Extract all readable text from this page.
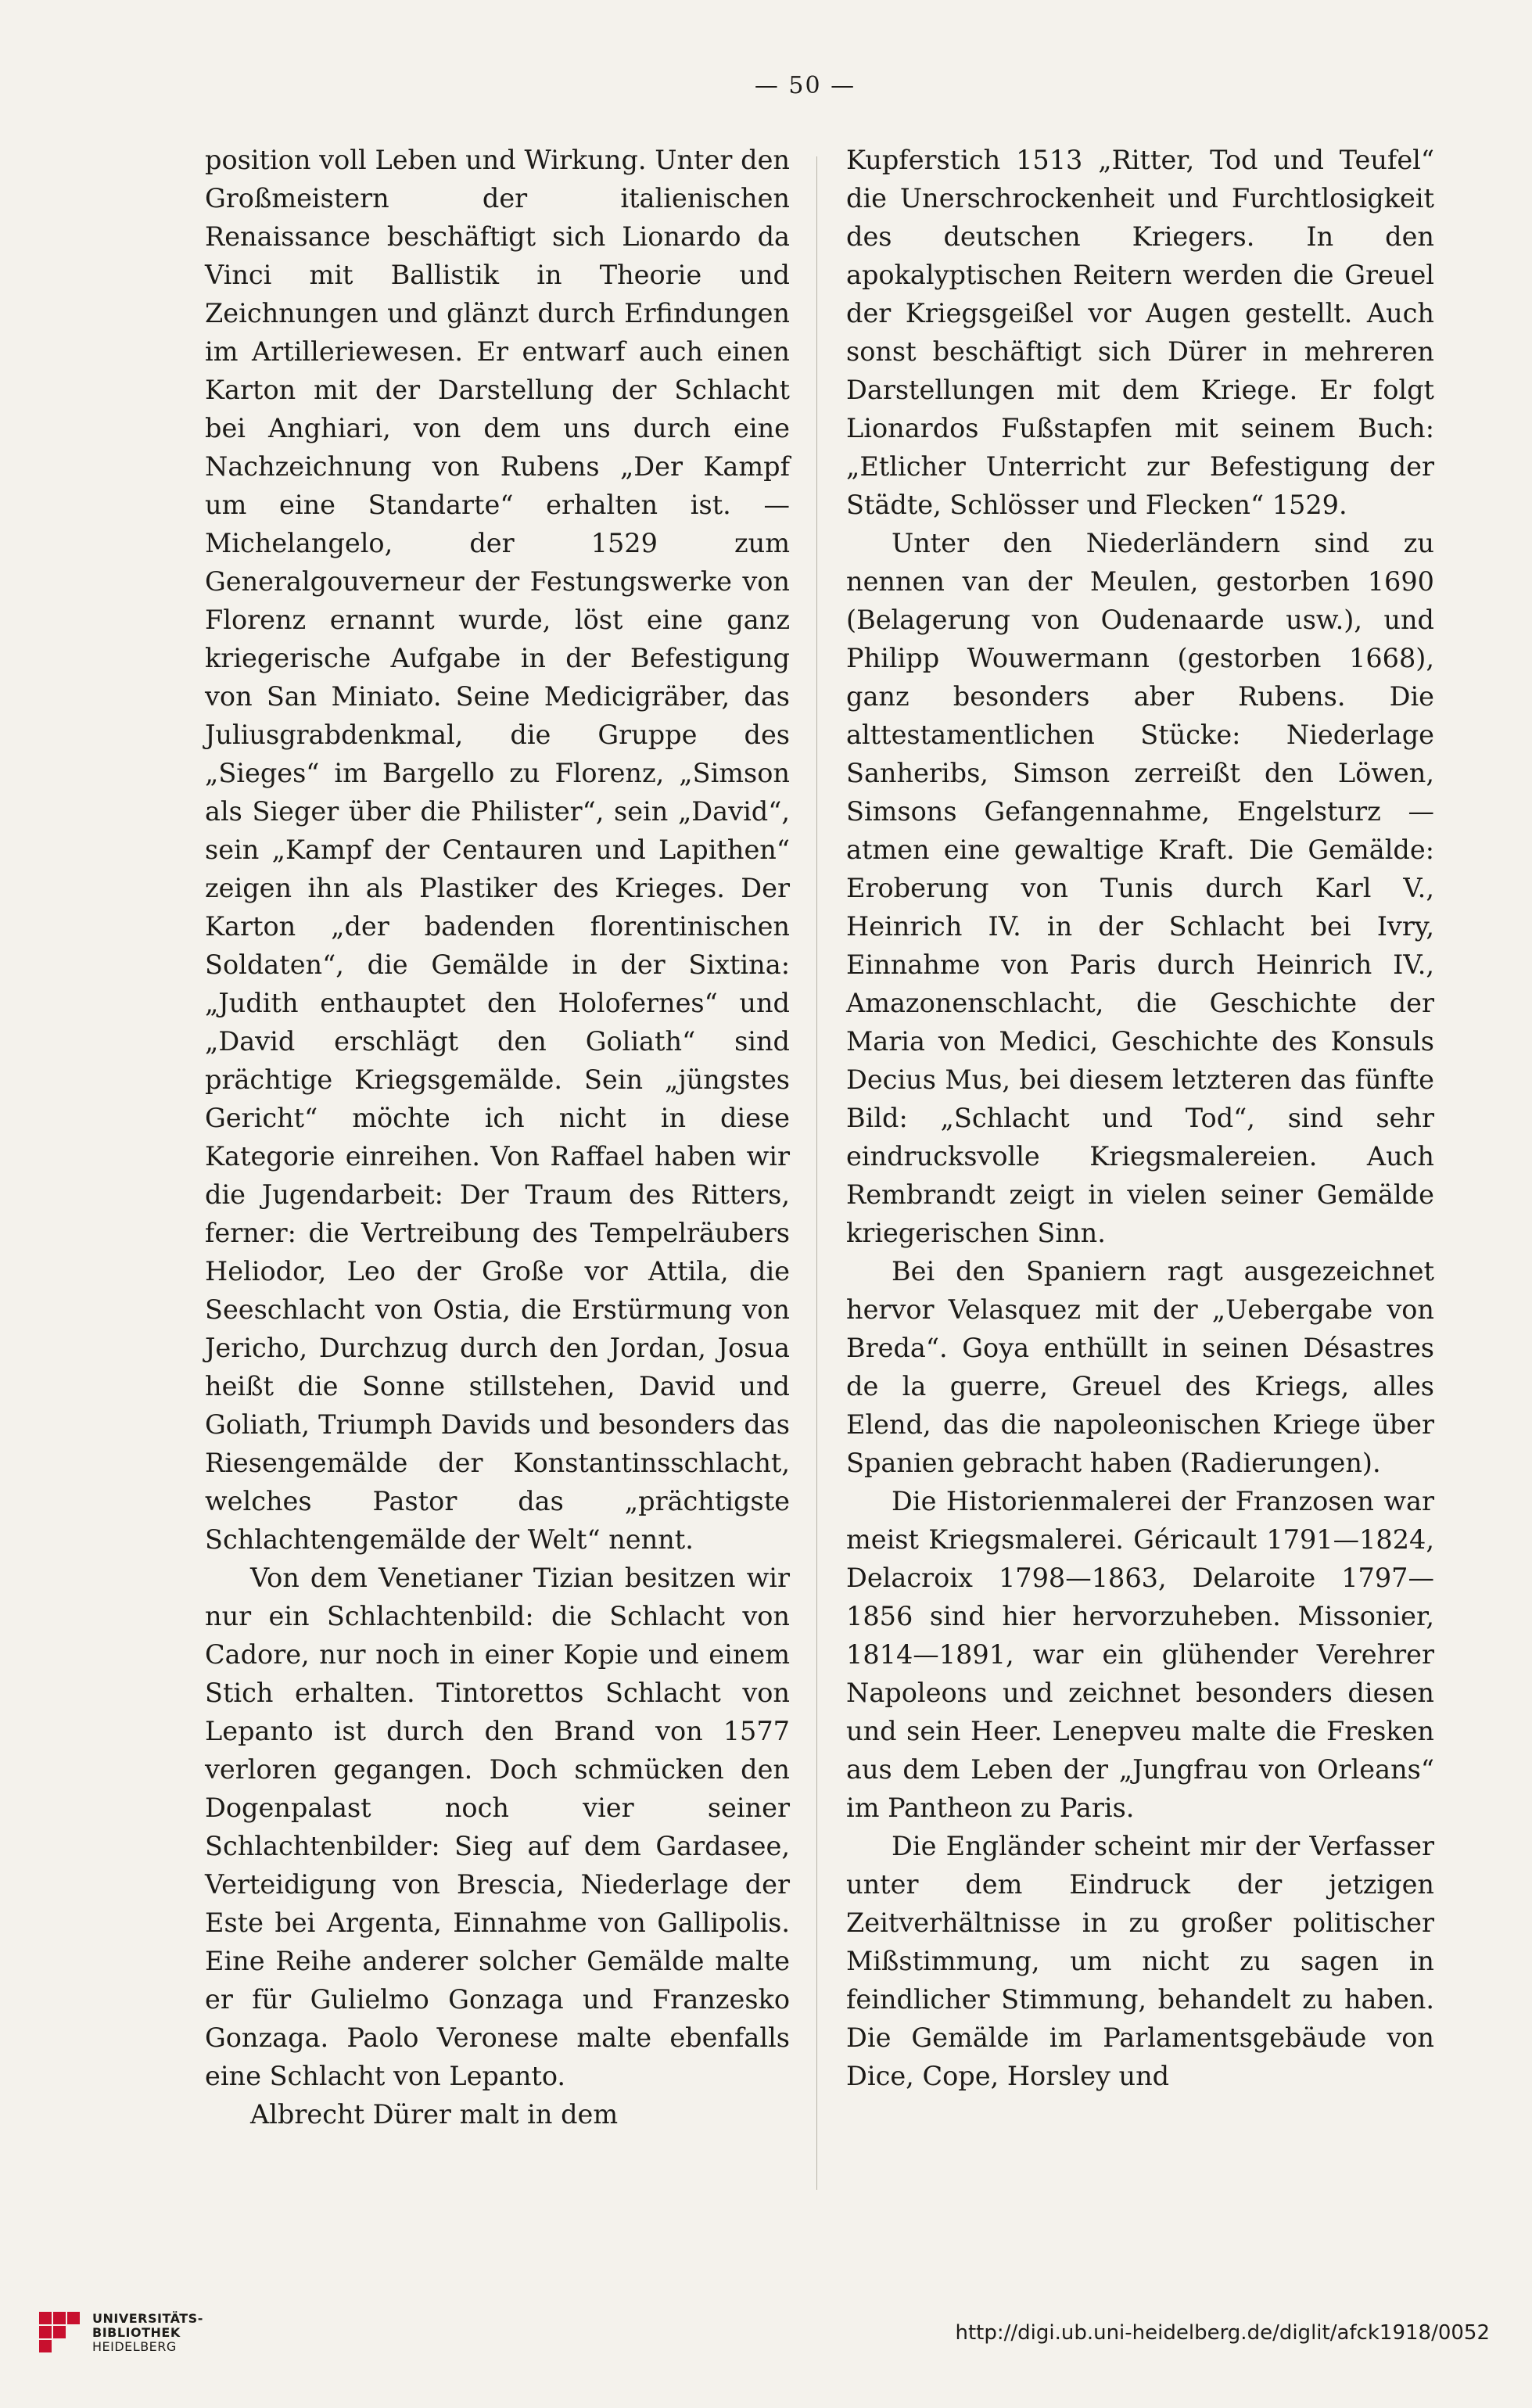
— 50 —

position voll Leben und Wirkung. Unter den Großmeistern der italienischen Renaissance beschäftigt sich Lionardo da Vinci mit Ballistik in Theorie und Zeichnungen und glänzt durch Erfindungen im Artilleriewesen. Er entwarf auch einen Karton mit der Darstellung der Schlacht bei Anghiari, von dem uns durch eine Nachzeichnung von Rubens „Der Kampf um eine Standarte“ erhalten ist. — Michelangelo, der 1529 zum Generalgouverneur der Festungswerke von Florenz ernannt wurde, löst eine ganz kriegerische Aufgabe in der Befestigung von San Miniato. Seine Medicigräber, das Juliusgrabdenkmal, die Gruppe des „Sieges“ im Bargello zu Florenz, „Simson als Sieger über die Philister“, sein „David“, sein „Kampf der Centauren und Lapithen“ zeigen ihn als Plastiker des Krieges. Der Karton „der badenden florentinischen Soldaten“, die Gemälde in der Sixtina: „Judith enthauptet den Holofernes“ und „David erschlägt den Goliath“ sind prächtige Kriegsgemälde. Sein „jüngstes Gericht“ möchte ich nicht in diese Kategorie einreihen. Von Raffael haben wir die Jugendarbeit: Der Traum des Ritters, ferner: die Vertreibung des Tempelräubers Heliodor, Leo der Große vor Attila, die Seeschlacht von Ostia, die Erstürmung von Jericho, Durchzug durch den Jordan, Josua heißt die Sonne stillstehen, David und Goliath, Triumph Davids und besonders das Riesengemälde der Konstantinsschlacht, welches Pastor das „prächtigste Schlachtengemälde der Welt“ nennt.

Von dem Venetianer Tizian besitzen wir nur ein Schlachtenbild: die Schlacht von Cadore, nur noch in einer Kopie und einem Stich erhalten. Tintorettos Schlacht von Lepanto ist durch den Brand von 1577 verloren gegangen. Doch schmücken den Dogenpalast noch vier seiner Schlachtenbilder: Sieg auf dem Gardasee, Verteidigung von Brescia, Niederlage der Este bei Argenta, Einnahme von Gallipolis. Eine Reihe anderer solcher Gemälde malte er für Gulielmo Gonzaga und Franzesko Gonzaga. Paolo Veronese malte ebenfalls eine Schlacht von Lepanto.

Albrecht Dürer malt in dem

Kupferstich 1513 „Ritter, Tod und Teufel“ die Unerschrockenheit und Furchtlosigkeit des deutschen Kriegers. In den apokalyptischen Reitern werden die Greuel der Kriegsgeißel vor Augen gestellt. Auch sonst beschäftigt sich Dürer in mehreren Darstellungen mit dem Kriege. Er folgt Lionardos Fußstapfen mit seinem Buch: „Etlicher Unterricht zur Befestigung der Städte, Schlösser und Flecken“ 1529.

Unter den Niederländern sind zu nennen van der Meulen, gestorben 1690 (Belagerung von Oudenaarde usw.), und Philipp Wouwermann (gestorben 1668), ganz besonders aber Rubens. Die alttestamentlichen Stücke: Niederlage Sanheribs, Simson zerreißt den Löwen, Simsons Gefangennahme, Engelsturz — atmen eine gewaltige Kraft. Die Gemälde: Eroberung von Tunis durch Karl V., Heinrich IV. in der Schlacht bei Ivry, Einnahme von Paris durch Heinrich IV., Amazonenschlacht, die Geschichte der Maria von Medici, Geschichte des Konsuls Decius Mus, bei diesem letzteren das fünfte Bild: „Schlacht und Tod“, sind sehr eindrucksvolle Kriegsmalereien. Auch Rembrandt zeigt in vielen seiner Gemälde kriegerischen Sinn.

Bei den Spaniern ragt ausgezeichnet hervor Velasquez mit der „Uebergabe von Breda“. Goya enthüllt in seinen Désastres de la guerre, Greuel des Kriegs, alles Elend, das die napoleonischen Kriege über Spanien gebracht haben (Radierungen).

Die Historienmalerei der Franzosen war meist Kriegsmalerei. Géricault 1791—1824, Delacroix 1798—1863, Delaroite 1797—1856 sind hier hervorzuheben. Missonier, 1814—1891, war ein glühender Verehrer Napoleons und zeichnet besonders diesen und sein Heer. Lenepveu malte die Fresken aus dem Leben der „Jungfrau von Orleans“ im Pantheon zu Paris.

Die Engländer scheint mir der Verfasser unter dem Eindruck der jetzigen Zeitverhältnisse in zu großer politischer Mißstimmung, um nicht zu sagen in feindlicher Stimmung, behandelt zu haben. Die Gemälde im Parlamentsgebäude von Dice, Cope, Horsley und

UNIVERSITÄTS-
BIBLIOTHEK
HEIDELBERG
http://digi.ub.uni-heidelberg.de/diglit/afck1918/0052
